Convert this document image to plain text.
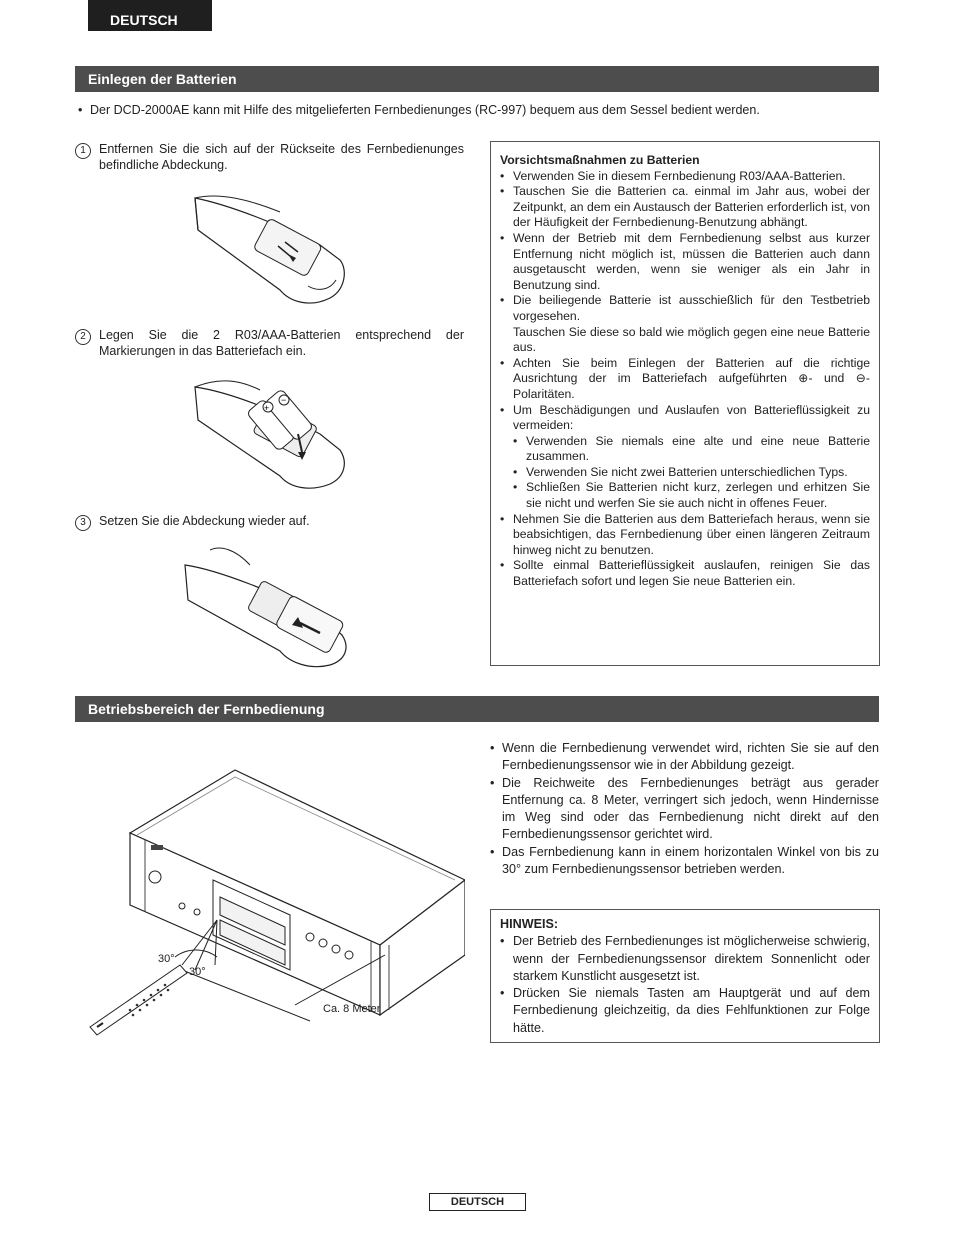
DEUTSCH
Einlegen der Batterien
• Der DCD-2000AE kann mit Hilfe des mitgelieferten Fernbedienunges (RC-997) bequem aus dem Sessel bedient werden.
1	Entfernen Sie die sich auf der Rückseite des Fernbedienunges befindliche Abdeckung.
2	Legen Sie die 2 R03/AAA-Batterien entsprechend der Markierungen in das Batteriefach ein.
+
−
3	Setzen Sie die Abdeckung wieder auf.
Vorsichtsmaßnahmen zu Batterien
• Verwenden Sie in diesem Fernbedienung R03/AAA-Batterien.
• Tauschen Sie die Batterien ca. einmal im Jahr aus, wobei der Zeitpunkt, an dem ein Austausch der Batterien erforderlich ist, von der Häufigkeit der Fernbedienung-Benutzung abhängt.
• Wenn der Betrieb mit dem Fernbedienung selbst aus kurzer Entfernung nicht möglich ist, müssen die Batterien auch dann ausgetauscht werden, wenn sie weniger als ein Jahr in Benutzung sind.
• Die beiliegende Batterie ist ausschießlich für den Testbetrieb vorgesehen.
Tauschen Sie diese so bald wie möglich gegen eine neue Batterie aus.
• Achten Sie beim Einlegen der Batterien auf die richtige Ausrichtung der im Batteriefach aufgeführten ⊕- und ⊖-Polaritäten.
• Um Beschädigungen und Auslaufen von Batterieflüssigkeit zu vermeiden:
• Verwenden Sie niemals eine alte und eine neue Batterie zusammen.
• Verwenden Sie nicht zwei Batterien unterschiedlichen Typs.
• Schließen Sie Batterien nicht kurz, zerlegen und erhitzen Sie sie nicht und werfen Sie sie auch nicht in offenes Feuer.
• Nehmen Sie die Batterien aus dem Batteriefach heraus, wenn sie beabsichtigen, das Fernbedienung über einen längeren Zeitraum hinweg nicht zu benutzen.
• Sollte einmal Batterieflüssigkeit auslaufen, reinigen Sie das Batteriefach sofort und legen Sie neue Batterien ein.
Betriebsbereich der Fernbedienung
30°
30°
Ca. 8 Meter
• Wenn die Fernbedienung verwendet wird, richten Sie sie auf den Fernbedienungssensor wie in der Abbildung gezeigt.
• Die Reichweite des Fernbedienunges beträgt aus gerader Entfernung ca. 8 Meter, verringert sich jedoch, wenn Hindernisse im Weg sind oder das Fernbedienung nicht direkt auf den Fernbedienungssensor gerichtet wird.
• Das Fernbedienung kann in einem horizontalen Winkel von bis zu 30° zum Fernbedienungssensor betrieben werden.
HINWEIS:
• Der Betrieb des Fernbedienunges ist möglicherweise schwierig, wenn der Fernbedienungssensor direktem Sonnenlicht oder starkem Kunstlicht ausgesetzt ist.
• Drücken Sie niemals Tasten am Hauptgerät und auf dem Fernbedienung gleichzeitig, da dies Fehlfunktionen zur Folge hätte.
DEUTSCH
